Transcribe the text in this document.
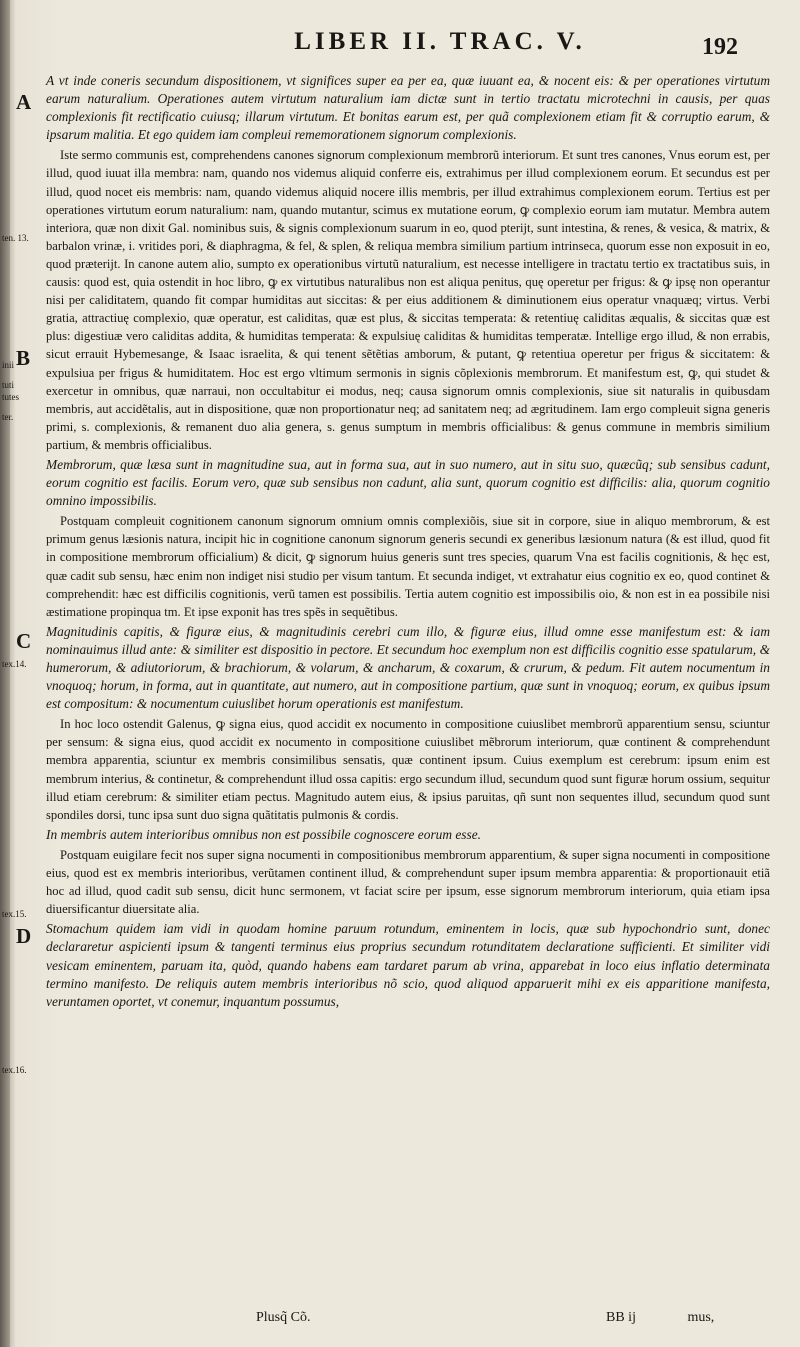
LIBER II. TRAC. V.	192
A
B
C
D
ten. 13.
inii
tuti
tutes
ter.
tex.14.
tex.15.
tex.16.

A vt inde coneris secundum dispositionem, vt significes super ea per ea, quæ iuuant ea, & nocent eis: & per operationes virtutum earum naturalium. Operationes autem virtutum naturalium iam dictæ sunt in tertio tractatu microtechni in causis, per quas complexionis fit rectificatio cuiusq; illarum virtutum. Et bonitas earum est, per quã complexionem etiam fit & corruptio earum, & ipsarum malitia. Et ego quidem iam compleui rememorationem signorum complexionis.

Iste sermo communis est, comprehendens canones signorum complexionum membrorũ interiorum. Et sunt tres canones, Vnus eorum est, per illud, quod iuuat illa membra: nam, quando nos videmus aliquid conferre eis, extrahimus per illud complexionem eorum. Et secundus est per illud, quod nocet eis membris: nam, quando videmus aliquid nocere illis membris, per illud extrahimus complexionem eorum. Tertius est per operationes virtutum eorum naturalium: nam, quando mutantur, scimus ex mutatione eorum, ꝙ complexio eorum iam mutatur. Membra autem interiora, quæ non dixit Gal. nominibus suis, & signis complexionum suarum in eo, quod pterijt, sunt intestina, & renes, & vesica, & matrix, & barbalon vrinæ, i. vritides pori, & diaphragma, & fel, & splen, & reliqua membra similium partium intrinseca, quorum esse non exposuit in eo, quod præterijt. In canone autem alio, sumpto ex operationibus virtutũ naturalium, est necesse intelligere in tractatu tertio ex tractatibus suis, in causis: quod est, quia ostendit in hoc libro, ꝙ ex virtutibus naturalibus non est aliqua penitus, quę operetur per frigus: & ꝙ ipsę non operantur nisi per caliditatem, quando fit compar humiditas aut siccitas: & per eius additionem & diminutionem eius operatur vnaquæq; virtus. Verbi gratia, attractiuę complexio, quæ operatur, est caliditas, quæ est plus, & siccitas temperata: & retentiuę caliditas æqualis, & siccitas quæ est plus: digestiuæ vero caliditas addita, & humiditas temperata: & expulsiuę caliditas & humiditas temperatæ. Intellige ergo illud, & non errabis, sicut errauit Hybemesange, & Isaac israelita, & qui tenent sẽtẽtias amborum, & putant, ꝙ retentiua operetur per frigus & siccitatem: & expulsiua per frigus & humiditatem. Hoc est ergo vltimum sermonis in signis cõplexionis membrorum. Et manifestum est, ꝙ, qui studet & exercetur in omnibus, quæ narraui, non occultabitur ei modus, neq; causa signorum omnis complexionis, siue sit naturalis in quibusdam membris, aut accidẽtalis, aut in dispositione, quæ non proportionatur neq; ad sanitatem neq; ad ægritudinem. Iam ergo compleuit signa generis primi, s. complexionis, & remanent duo alia genera, s. genus sumptum in membris officialibus: & genus commune in membris similium partium, & membris officialibus.

Membrorum, quæ læsa sunt in magnitudine sua, aut in forma sua, aut in suo numero, aut in situ suo, quæcũq; sub sensibus cadunt, eorum cognitio est facilis. Eorum vero, quæ sub sensibus non cadunt, alia sunt, quorum cognitio est difficilis: alia, quorum cognitio omnino impossibilis.

Postquam compleuit cognitionem canonum signorum omnium omnis complexiõis, siue sit in corpore, siue in aliquo membrorum, & est primum genus læsionis natura, incipit hic in cognitione canonum signorum generis secundi ex generibus læsionum natura (& est illud, quod fit in compositione membrorum officialium) & dicit, ꝙ signorum huius generis sunt tres species, quarum Vna est facilis cognitionis, & hęc est, quæ cadit sub sensu, hæc enim non indiget nisi studio per visum tantum. Et secunda indiget, vt extrahatur eius cognitio ex eo, quod continet & comprehendit: hæc est difficilis cognitionis, verũ tamen est possibilis. Tertia autem cognitio est impossibilis oio, & non est in ea possibile nisi æstimatione propinqua tm. Et ipse exponit has tres spẽs in sequẽtibus.

Magnitudinis capitis, & figuræ eius, & magnitudinis cerebri cum illo, & figuræ eius, illud omne esse manifestum est: & iam nominauimus illud ante: & similiter est dispositio in pectore. Et secundum hoc exemplum non est difficilis cognitio esse spatularum, & humerorum, & adiutoriorum, & brachiorum, & volarum, & ancharum, & coxarum, & crurum, & pedum. Fit autem nocumentum in vnoquoq; horum, in forma, aut in quantitate, aut numero, aut in compositione partium, quæ sunt in vnoquoq; eorum, ex quibus ipsum est compositum: & nocumentum cuiuslibet horum operationis est manifestum.

In hoc loco ostendit Galenus, ꝙ signa eius, quod accidit ex nocumento in compositione cuiuslibet membrorũ apparentium sensu, sciuntur per sensum: & signa eius, quod accidit ex nocumento in compositione cuiuslibet mẽbrorum interiorum, quæ continent & comprehendunt membra apparentia, sciuntur ex membris consimilibus sensatis, quæ continent ipsum. Cuius exemplum est cerebrum: ipsum enim est membrum interius, & continetur, & comprehendunt illud ossa capitis: ergo secundum illud, secundum quod sunt figuræ horum ossium, sequitur illud etiam cerebrum: & similiter etiam pectus. Magnitudo autem eius, & ipsius paruitas, qñ sunt non sequentes illud, secundum quod sunt spondiles dorsi, tunc ipsa sunt duo signa quãtitatis pulmonis & cordis.

In membris autem interioribus omnibus non est possibile cognoscere eorum esse.

Postquam euigilare fecit nos super signa nocumenti in compositionibus membrorum apparentium, & super signa nocumenti in compositione eius, quod est ex membris interioribus, verũtamen continent illud, & comprehendunt super ipsum membra apparentia: & proportionauit etiã hoc ad illud, quod cadit sub sensu, dicit hunc sermonem, vt faciat scire per ipsum, esse signorum membrorum interiorum, quia etiam ipsa diuersificantur diuersitate alia.

Stomachum quidem iam vidi in quodam homine paruum rotundum, eminentem in locis, quæ sub hypochondrio sunt, donec declararetur aspicienti ipsum & tangenti terminus eius proprius secundum rotunditatem declaratione sufficienti. Et similiter vidi vesicam eminentem, paruam ita, quòd, quando habens eam tardaret parum ab vrina, apparebat in loco eius inflatio determinata termino manifesto. De reliquis autem membris interioribus nõ scio, quod aliquod apparuerit mihi ex eis apparitione manifesta, veruntamen oportet, vt conemur, inquantum possumus,

Plusq̃ Cõ.	BB ij	mus,
